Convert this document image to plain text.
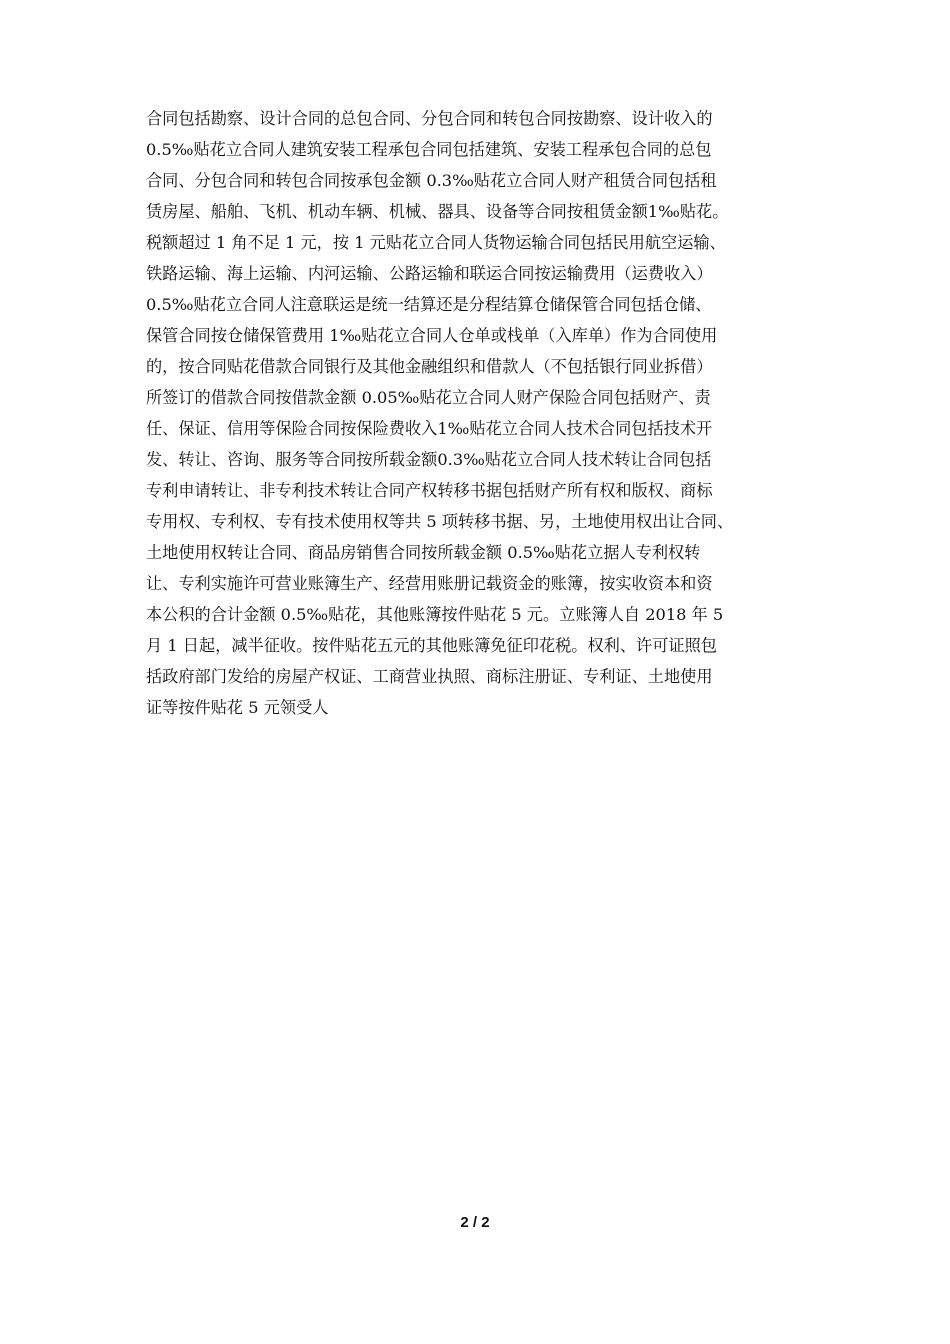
合同包括勘察、设计合同的总包合同、分包合同和转包合同按勘察、设计收入的
0.5‰贴花立合同人建筑安装工程承包合同包括建筑、安装工程承包合同的总包
合同、分包合同和转包合同按承包金额 0.3‰贴花立合同人财产租赁合同包括租
赁房屋、船舶、飞机、机动车辆、机械、器具、设备等合同按租赁金额1‰贴花。
税额超过 1 角不足 1 元，按 1 元贴花立合同人货物运输合同包括民用航空运输、
铁路运输、海上运输、内河运输、公路运输和联运合同按运输费用（运费收入）
0.5‰贴花立合同人注意联运是统一结算还是分程结算仓储保管合同包括仓储、
保管合同按仓储保管费用 1‰贴花立合同人仓单或栈单（入库单）作为合同使用
的，按合同贴花借款合同银行及其他金融组织和借款人（不包括银行同业拆借）
所签订的借款合同按借款金额 0.05‰贴花立合同人财产保险合同包括财产、责
任、保证、信用等保险合同按保险费收入1‰贴花立合同人技术合同包括技术开
发、转让、咨询、服务等合同按所载金额0.3‰贴花立合同人技术转让合同包括
专利申请转让、非专利技术转让合同产权转移书据包括财产所有权和版权、商标
专用权、专利权、专有技术使用权等共 5 项转移书据、另，土地使用权出让合同、
土地使用权转让合同、商品房销售合同按所载金额 0.5‰贴花立据人专利权转
让、专利实施许可营业账簿生产、经营用账册记载资金的账簿，按实收资本和资
本公积的合计金额 0.5‰贴花，其他账簿按件贴花 5 元。立账簿人自 2018 年 5
月 1 日起，减半征收。按件贴花五元的其他账簿免征印花税。权利、许可证照包
括政府部门发给的房屋产权证、工商营业执照、商标注册证、专利证、土地使用
证等按件贴花 5 元领受人
2 / 2
